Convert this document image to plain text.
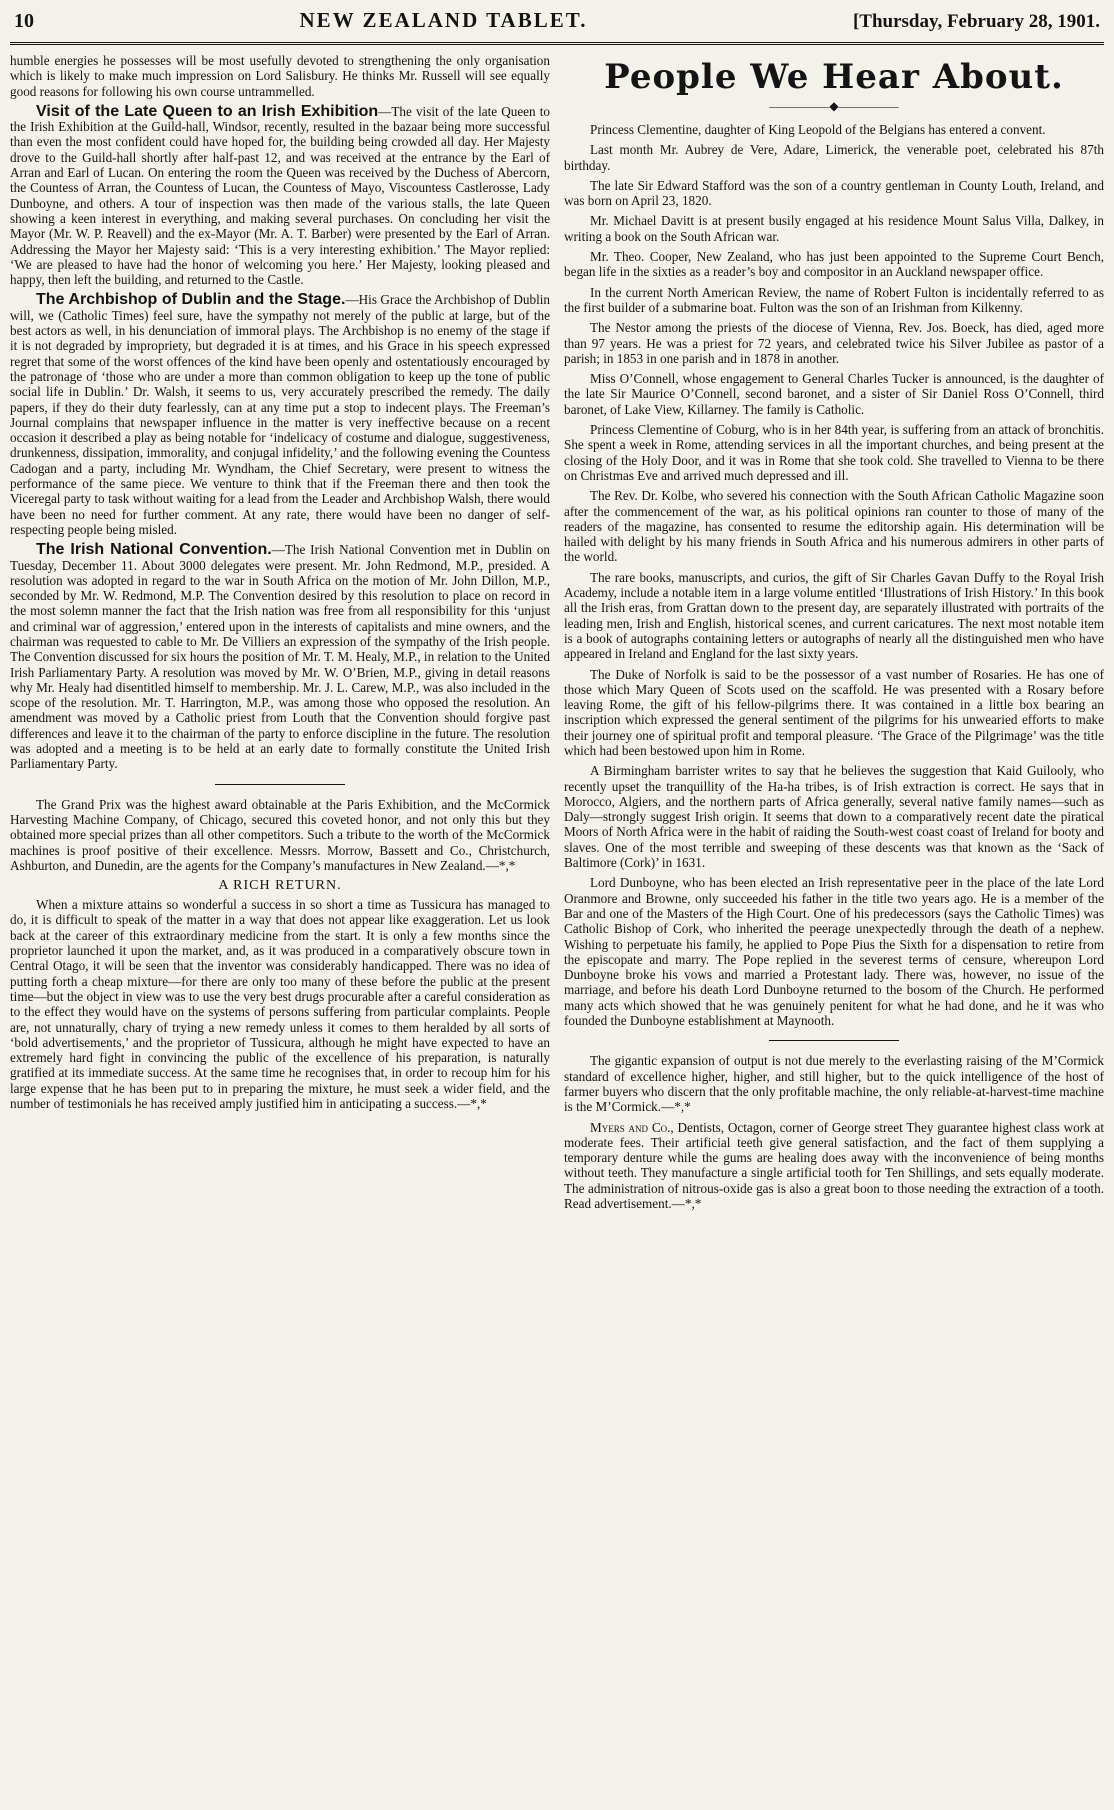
10	NEW ZEALAND TABLET.	[Thursday, February 28, 1901.

humble energies he possesses will be most usefully devoted to strengthening the only organisation which is likely to make much impression on Lord Salisbury. He thinks Mr. Russell will see equally good reasons for following his own course untrammelled.

Visit of the Late Queen to an Irish Exhibition—The visit of the late Queen to the Irish Exhibition at the Guild-hall, Windsor, recently, resulted in the bazaar being more successful than even the most confident could have hoped for, the building being crowded all day. Her Majesty drove to the Guild-hall shortly after half-past 12, and was received at the entrance by the Earl of Arran and Earl of Lucan. On entering the room the Queen was received by the Duchess of Abercorn, the Countess of Arran, the Countess of Lucan, the Countess of Mayo, Viscountess Castlerosse, Lady Dunboyne, and others. A tour of inspection was then made of the various stalls, the late Queen showing a keen interest in everything, and making several purchases. On concluding her visit the Mayor (Mr. W. P. Reavell) and the ex-Mayor (Mr. A. T. Barber) were presented by the Earl of Arran. Addressing the Mayor her Majesty said: ‘This is a very interesting exhibition.’ The Mayor replied: ‘We are pleased to have had the honor of welcoming you here.’ Her Majesty, looking pleased and happy, then left the building, and returned to the Castle.

The Archbishop of Dublin and the Stage.—His Grace the Archbishop of Dublin will, we (Catholic Times) feel sure, have the sympathy not merely of the public at large, but of the best actors as well, in his denunciation of immoral plays. The Archbishop is no enemy of the stage if it is not degraded by impropriety, but degraded it is at times, and his Grace in his speech expressed regret that some of the worst offences of the kind have been openly and ostentatiously encouraged by the patronage of ‘those who are under a more than common obligation to keep up the tone of public social life in Dublin.’ Dr. Walsh, it seems to us, very accurately prescribed the remedy. The daily papers, if they do their duty fearlessly, can at any time put a stop to indecent plays. The Freeman’s Journal complains that newspaper influence in the matter is very ineffective because on a recent occasion it described a play as being notable for ‘indelicacy of costume and dialogue, suggestiveness, drunkenness, dissipation, immorality, and conjugal infidelity,’ and the following evening the Countess Cadogan and a party, including Mr. Wyndham, the Chief Secretary, were present to witness the performance of the same piece. We venture to think that if the Freeman there and then took the Viceregal party to task without waiting for a lead from the Leader and Archbishop Walsh, there would have been no need for further comment. At any rate, there would have been no danger of self-respecting people being misled.

The Irish National Convention.—The Irish National Convention met in Dublin on Tuesday, December 11. About 3000 delegates were present. Mr. John Redmond, M.P., presided. A resolution was adopted in regard to the war in South Africa on the motion of Mr. John Dillon, M.P., seconded by Mr. W. Redmond, M.P. The Convention desired by this resolution to place on record in the most solemn manner the fact that the Irish nation was free from all responsibility for this ‘unjust and criminal war of aggression,’ entered upon in the interests of capitalists and mine owners, and the chairman was requested to cable to Mr. De Villiers an expression of the sympathy of the Irish people. The Convention discussed for six hours the position of Mr. T. M. Healy, M.P., in relation to the United Irish Parliamentary Party. A resolution was moved by Mr. W. O’Brien, M.P., giving in detail reasons why Mr. Healy had disentitled himself to membership. Mr. J. L. Carew, M.P., was also included in the scope of the resolution. Mr. T. Harrington, M.P., was among those who opposed the resolution. An amendment was moved by a Catholic priest from Louth that the Convention should forgive past differences and leave it to the chairman of the party to enforce discipline in the future. The resolution was adopted and a meeting is to be held at an early date to formally constitute the United Irish Parliamentary Party.

The Grand Prix was the highest award obtainable at the Paris Exhibition, and the McCormick Harvesting Machine Company, of Chicago, secured this coveted honor, and not only this but they obtained more special prizes than all other competitors. Such a tribute to the worth of the McCormick machines is proof positive of their excellence. Messrs. Morrow, Bassett and Co., Christchurch, Ashburton, and Dunedin, are the agents for the Company’s manufactures in New Zealand.—*,*

A RICH RETURN.

When a mixture attains so wonderful a success in so short a time as Tussicura has managed to do, it is difficult to speak of the matter in a way that does not appear like exaggeration. Let us look back at the career of this extraordinary medicine from the start. It is only a few months since the proprietor launched it upon the market, and, as it was produced in a comparatively obscure town in Central Otago, it will be seen that the inventor was considerably handicapped. There was no idea of putting forth a cheap mixture—for there are only too many of these before the public at the present time—but the object in view was to use the very best drugs procurable after a careful consideration as to the effect they would have on the systems of persons suffering from particular complaints. People are, not unnaturally, chary of trying a new remedy unless it comes to them heralded by all sorts of ‘bold advertisements,’ and the proprietor of Tussicura, although he might have expected to have an extremely hard fight in convincing the public of the excellence of his preparation, is naturally gratified at its immediate success. At the same time he recognises that, in order to recoup him for his large expense that he has been put to in preparing the mixture, he must seek a wider field, and the number of testimonials he has received amply justified him in anticipating a success.—*,*

People We Hear About.
—————◆—————

Princess Clementine, daughter of King Leopold of the Belgians has entered a convent.

Last month Mr. Aubrey de Vere, Adare, Limerick, the venerable poet, celebrated his 87th birthday.

The late Sir Edward Stafford was the son of a country gentleman in County Louth, Ireland, and was born on April 23, 1820.

Mr. Michael Davitt is at present busily engaged at his residence Mount Salus Villa, Dalkey, in writing a book on the South African war.

Mr. Theo. Cooper, New Zealand, who has just been appointed to the Supreme Court Bench, began life in the sixties as a reader’s boy and compositor in an Auckland newspaper office.

In the current North American Review, the name of Robert Fulton is incidentally referred to as the first builder of a submarine boat. Fulton was the son of an Irishman from Kilkenny.

The Nestor among the priests of the diocese of Vienna, Rev. Jos. Boeck, has died, aged more than 97 years. He was a priest for 72 years, and celebrated twice his Silver Jubilee as pastor of a parish; in 1853 in one parish and in 1878 in another.

Miss O’Connell, whose engagement to General Charles Tucker is announced, is the daughter of the late Sir Maurice O’Connell, second baronet, and a sister of Sir Daniel Ross O’Connell, third baronet, of Lake View, Killarney. The family is Catholic.

Princess Clementine of Coburg, who is in her 84th year, is suffering from an attack of bronchitis. She spent a week in Rome, attending services in all the important churches, and being present at the closing of the Holy Door, and it was in Rome that she took cold. She travelled to Vienna to be there on Christmas Eve and arrived much depressed and ill.

The Rev. Dr. Kolbe, who severed his connection with the South African Catholic Magazine soon after the commencement of the war, as his political opinions ran counter to those of many of the readers of the magazine, has consented to resume the editorship again. His determination will be hailed with delight by his many friends in South Africa and his numerous admirers in other parts of the world.

The rare books, manuscripts, and curios, the gift of Sir Charles Gavan Duffy to the Royal Irish Academy, include a notable item in a large volume entitled ‘Illustrations of Irish History.’ In this book all the Irish eras, from Grattan down to the present day, are separately illustrated with portraits of the leading men, Irish and English, historical scenes, and current caricatures. The next most notable item is a book of autographs containing letters or autographs of nearly all the distinguished men who have appeared in Ireland and England for the last sixty years.

The Duke of Norfolk is said to be the possessor of a vast number of Rosaries. He has one of those which Mary Queen of Scots used on the scaffold. He was presented with a Rosary before leaving Rome, the gift of his fellow-pilgrims there. It was contained in a little box bearing an inscription which expressed the general sentiment of the pilgrims for his unwearied efforts to make their journey one of spiritual profit and temporal pleasure. ‘The Grace of the Pilgrimage’ was the title which had been bestowed upon him in Rome.

A Birmingham barrister writes to say that he believes the suggestion that Kaid Guilooly, who recently upset the tranquillity of the Ha-ha tribes, is of Irish extraction is correct. He says that in Morocco, Algiers, and the northern parts of Africa generally, several native family names—such as Daly—strongly suggest Irish origin. It seems that down to a comparatively recent date the piratical Moors of North Africa were in the habit of raiding the South-west coast coast of Ireland for booty and slaves. One of the most terrible and sweeping of these descents was that known as the ‘Sack of Baltimore (Cork)’ in 1631.

Lord Dunboyne, who has been elected an Irish representative peer in the place of the late Lord Oranmore and Browne, only succeeded his father in the title two years ago. He is a member of the Bar and one of the Masters of the High Court. One of his predecessors (says the Catholic Times) was Catholic Bishop of Cork, who inherited the peerage unexpectedly through the death of a nephew. Wishing to perpetuate his family, he applied to Pope Pius the Sixth for a dispensation to retire from the episcopate and marry. The Pope replied in the severest terms of censure, whereupon Lord Dunboyne broke his vows and married a Protestant lady. There was, however, no issue of the marriage, and before his death Lord Dunboyne returned to the bosom of the Church. He performed many acts which showed that he was genuinely penitent for what he had done, and he it was who founded the Dunboyne establishment at Maynooth.

The gigantic expansion of output is not due merely to the everlasting raising of the M’Cormick standard of excellence higher, higher, and still higher, but to the quick intelligence of the host of farmer buyers who discern that the only profitable machine, the only reliable-at-harvest-time machine is the M’Cormick.—*,*

Myers and Co., Dentists, Octagon, corner of George street They guarantee highest class work at moderate fees. Their artificial teeth give general satisfaction, and the fact of them supplying a temporary denture while the gums are healing does away with the inconvenience of being months without teeth. They manufacture a single artificial tooth for Ten Shillings, and sets equally moderate. The administration of nitrous-oxide gas is also a great boon to those needing the extraction of a tooth. Read advertisement.—*,*
